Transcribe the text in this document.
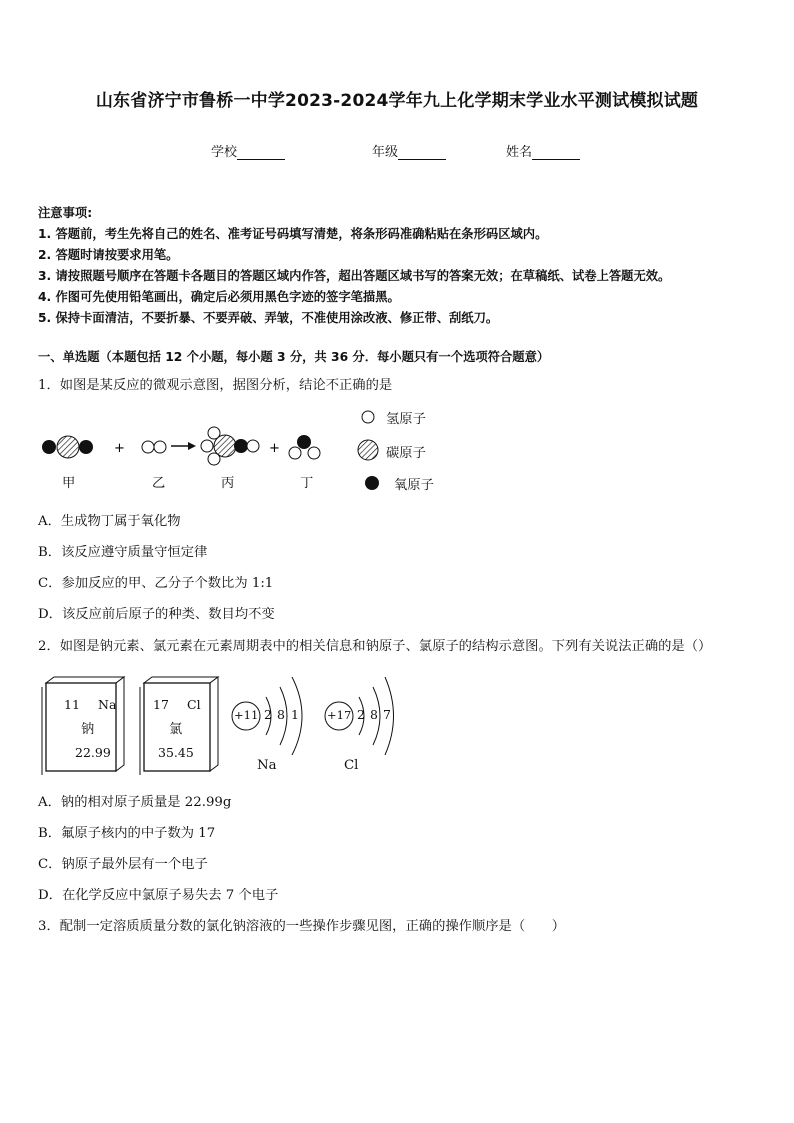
山东省济宁市鲁桥一中学2023-2024学年九上化学期末学业水平测试模拟试题
学校	年级	姓名
注意事项:
1. 答题前，考生先将自己的姓名、准考证号码填写清楚，将条形码准确粘贴在条形码区域内。
2. 答题时请按要求用笔。
3. 请按照题号顺序在答题卡各题目的答题区域内作答，超出答题区域书写的答案无效；在草稿纸、试卷上答题无效。
4. 作图可先使用铅笔画出，确定后必须用黑色字迹的签字笔描黑。
5. 保持卡面清洁，不要折暴、不要弄破、弄皱，不准使用涂改液、修正带、刮纸刀。
一、单选题（本题包括 12 个小题，每小题 3 分，共 36 分．每小题只有一个选项符合题意）
1．如图是某反应的微观示意图，据图分析，结论不正确的是
+	+
氢原子
碳原子
氧原子
甲	乙	丙	丁
A．生成物丁属于氧化物
B．该反应遵守质量守恒定律
C．参加反应的甲、乙分子个数比为 1:1
D．该反应前后原子的种类、数目均不变
2．如图是钠元素、氯元素在元素周期表中的相关信息和钠原子、氯原子的结构示意图。下列有关说法正确的是（）
11 Na
钠
22.99
17 Cl
氯
35.45
+11 2 8 1
Na
+17 2 8 7
Cl
A．钠的相对原子质量是 22.99g
B．氟原子核内的中子数为 17
C．钠原子最外层有一个电子
D．在化学反应中氯原子易失去 7 个电子
3．配制一定溶质质量分数的氯化钠溶液的一些操作步骤见图，正确的操作顺序是（　　）
